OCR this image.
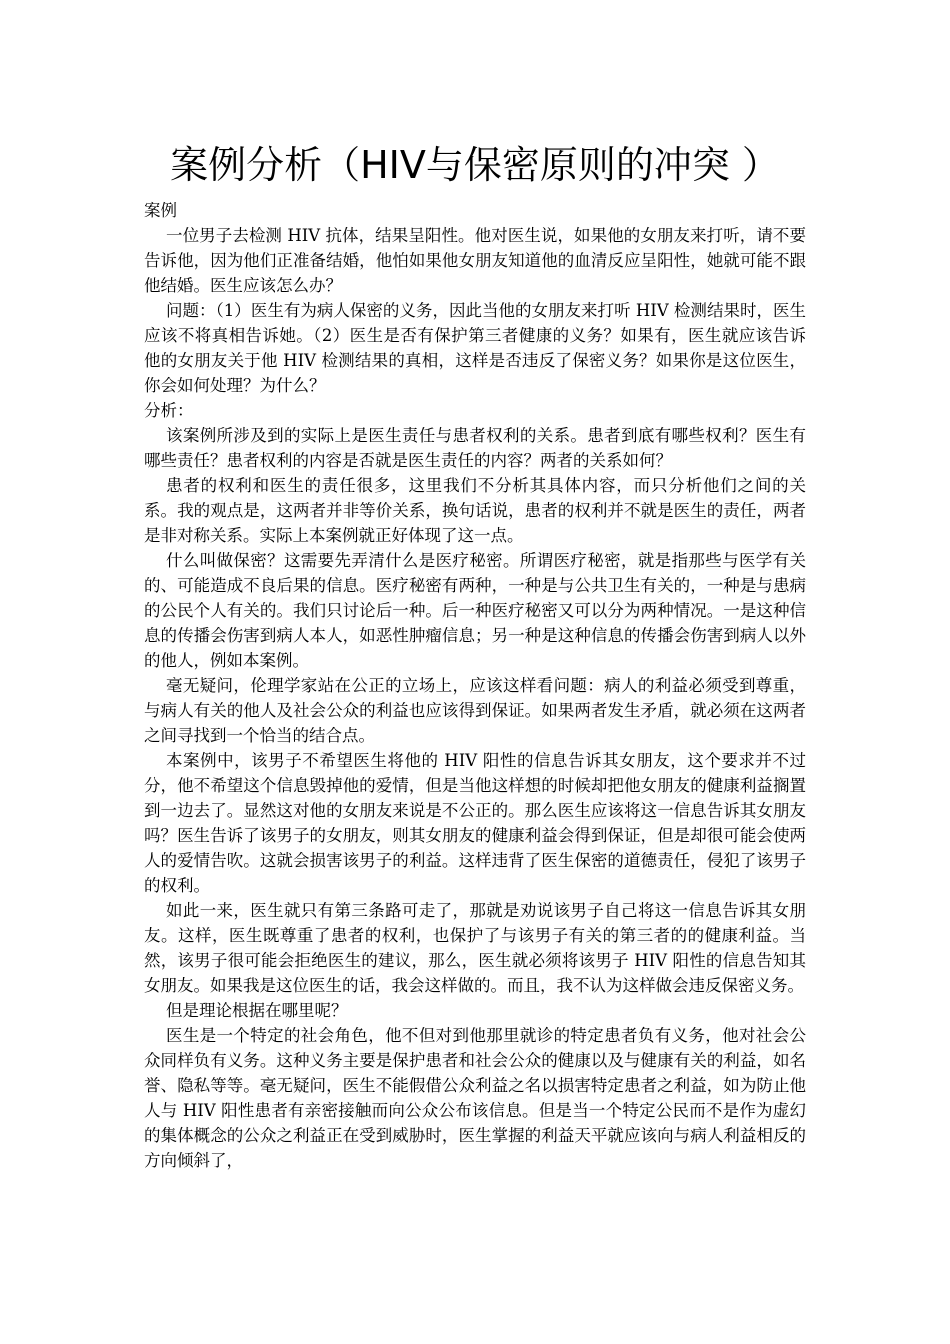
案例分析（HIV与保密原则的冲突 ）

案例

一位男子去检测 HIV 抗体，结果呈阳性。他对医生说，如果他的女朋友来打听，请不要告诉他，因为他们正准备结婚，他怕如果他女朋友知道他的血清反应呈阳性，她就可能不跟他结婚。医生应该怎么办？

问题：（1）医生有为病人保密的义务，因此当他的女朋友来打听 HIV 检测结果时，医生应该不将真相告诉她。（2）医生是否有保护第三者健康的义务？如果有，医生就应该告诉他的女朋友关于他 HIV 检测结果的真相，这样是否违反了保密义务？如果你是这位医生，你会如何处理？为什么？

分析：

该案例所涉及到的实际上是医生责任与患者权利的关系。患者到底有哪些权利？医生有哪些责任？患者权利的内容是否就是医生责任的内容？两者的关系如何？

患者的权利和医生的责任很多，这里我们不分析其具体内容，而只分析他们之间的关系。我的观点是，这两者并非等价关系，换句话说，患者的权利并不就是医生的责任，两者是非对称关系。实际上本案例就正好体现了这一点。

什么叫做保密？这需要先弄清什么是医疗秘密。所谓医疗秘密，就是指那些与医学有关的、可能造成不良后果的信息。医疗秘密有两种，一种是与公共卫生有关的，一种是与患病的公民个人有关的。我们只讨论后一种。后一种医疗秘密又可以分为两种情况。一是这种信息的传播会伤害到病人本人，如恶性肿瘤信息；另一种是这种信息的传播会伤害到病人以外的他人，例如本案例。

毫无疑问，伦理学家站在公正的立场上，应该这样看问题：病人的利益必须受到尊重，与病人有关的他人及社会公众的利益也应该得到保证。如果两者发生矛盾，就必须在这两者之间寻找到一个恰当的结合点。

本案例中，该男子不希望医生将他的 HIV 阳性的信息告诉其女朋友，这个要求并不过分，他不希望这个信息毁掉他的爱情，但是当他这样想的时候却把他女朋友的健康利益搁置到一边去了。显然这对他的女朋友来说是不公正的。那么医生应该将这一信息告诉其女朋友吗？医生告诉了该男子的女朋友，则其女朋友的健康利益会得到保证，但是却很可能会使两人的爱情告吹。这就会损害该男子的利益。这样违背了医生保密的道德责任，侵犯了该男子的权利。

如此一来，医生就只有第三条路可走了，那就是劝说该男子自己将这一信息告诉其女朋友。这样，医生既尊重了患者的权利，也保护了与该男子有关的第三者的的健康利益。当然，该男子很可能会拒绝医生的建议，那么，医生就必须将该男子 HIV 阳性的信息告知其女朋友。如果我是这位医生的话，我会这样做的。而且，我不认为这样做会违反保密义务。

但是理论根据在哪里呢？

医生是一个特定的社会角色，他不但对到他那里就诊的特定患者负有义务，他对社会公众同样负有义务。这种义务主要是保护患者和社会公众的健康以及与健康有关的利益，如名誉、隐私等等。毫无疑问，医生不能假借公众利益之名以损害特定患者之利益，如为防止他人与 HIV 阳性患者有亲密接触而向公众公布该信息。但是当一个特定公民而不是作为虚幻的集体概念的公众之利益正在受到威胁时，医生掌握的利益天平就应该向与病人利益相反的方向倾斜了，
